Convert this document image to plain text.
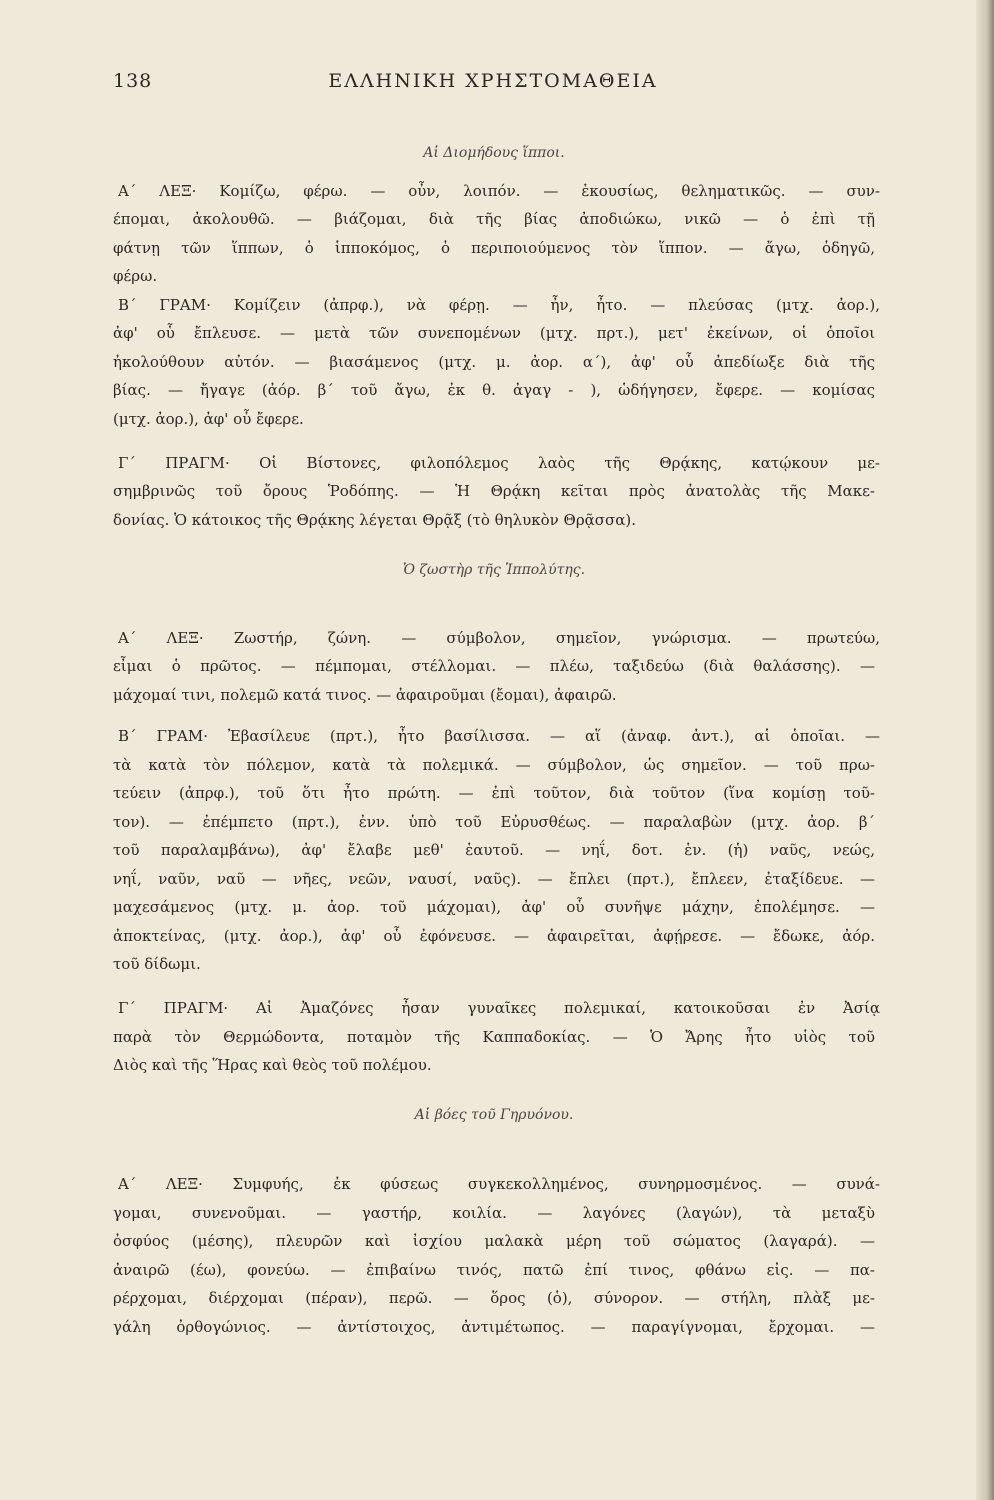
138	ΕΛΛΗΝΙΚΗ ΧΡΗΣΤΟΜΑΘΕΙΑ
Αἱ Διομήδους ἵπποι.
Α΄ ΛΕΞ· Κομίζω, φέρω. — οὖν, λοιπόν. — ἑκουσίως, θεληματικῶς. — συν-
έπομαι, ἀκολουθῶ. — βιάζομαι, διὰ τῆς βίας ἀποδιώκω, νικῶ — ὁ ἐπὶ τῇ
φάτνῃ τῶν ἵππων, ὁ ἱπποκόμος, ὁ περιποιούμενος τὸν ἵππον. — ἄγω, ὁδηγῶ,
φέρω.
Β΄ ΓΡΑΜ· Κομίζειν (ἀπρφ.), νὰ φέρῃ. — ἦν, ἦτο. — πλεύσας (μτχ. ἀορ.),
ἀφ' οὗ ἔπλευσε. — μετὰ τῶν συνεπομένων (μτχ. πρτ.), μετ' ἐκείνων, οἱ ὁποῖοι
ἠκολούθουν αὐτόν. — βιασάμενος (μτχ. μ. ἀορ. α΄), ἀφ' οὗ ἀπεδίωξε διὰ τῆς
βίας. — ἤγαγε (ἀόρ. β΄ τοῦ ἄγω, ἐκ θ. ἀγαγ - ), ὡδήγησεν, ἔφερε. — κομίσας
(μτχ. ἀορ.), ἀφ' οὗ ἔφερε.
Γ΄ ΠΡΑΓΜ· Οἱ Βίστονες, φιλοπόλεμος λαὸς τῆς Θρᾴκης, κατῴκουν με-
σημβρινῶς τοῦ ὄρους Ῥοδόπης. — Ἡ Θρᾴκη κεῖται πρὸς ἀνατολὰς τῆς Μακε-
δονίας. Ὁ κάτοικος τῆς Θρᾴκης λέγεται Θρᾷξ (τὸ θηλυκὸν Θρᾷσσα).
Ὁ ζωστὴρ τῆς Ἱππολύτης.
Α΄ ΛΕΞ· Ζωστήρ, ζώνη. — σύμβολον, σημεῖον, γνώρισμα. — πρωτεύω,
εἶμαι ὁ πρῶτος. — πέμπομαι, στέλλομαι. — πλέω, ταξιδεύω (διὰ θαλάσσης). —
μάχομαί τινι, πολεμῶ κατά τινος. — ἀφαιροῦμαι (ἔομαι), ἀφαιρῶ.
Β΄ ΓΡΑΜ· Ἐβασίλευε (πρτ.), ἦτο βασίλισσα. — αἵ (ἀναφ. ἀντ.), αἱ ὁποῖαι. —
τὰ κατὰ τὸν πόλεμον, κατὰ τὰ πολεμικά. — σύμβολον, ὡς σημεῖον. — τοῦ πρω-
τεύειν (ἀπρφ.), τοῦ ὅτι ἦτο πρώτη. — ἐπὶ τοῦτον, διὰ τοῦτον (ἵνα κομίσῃ τοῦ-
τον). — ἐπέμπετο (πρτ.), ἐνν. ὑπὸ τοῦ Εὐρυσθέως. — παραλαβὼν (μτχ. ἀορ. β΄
τοῦ παραλαμβάνω), ἀφ' ἔλαβε μεθ' ἑαυτοῦ. — νηΐ, δοτ. ἑν. (ἡ) ναῦς, νεώς,
νηΐ, ναῦν, ναῦ — νῆες, νεῶν, ναυσί, ναῦς). — ἔπλει (πρτ.), ἔπλεεν, ἐταξίδευε. —
μαχεσάμενος (μτχ. μ. ἀορ. τοῦ μάχομαι), ἀφ' οὗ συνῆψε μάχην, ἐπολέμησε. —
ἀποκτείνας, (μτχ. ἀορ.), ἀφ' οὗ ἐφόνευσε. — ἀφαιρεῖται, ἀφῄρεσε. — ἔδωκε, ἀόρ.
τοῦ δίδωμι.
Γ΄ ΠΡΑΓΜ· Αἱ Ἀμαζόνες ἦσαν γυναῖκες πολεμικαί, κατοικοῦσαι ἐν Ἀσίᾳ
παρὰ τὸν Θερμώδοντα, ποταμὸν τῆς Καππαδοκίας. — Ὁ Ἄρης ἦτο υἱὸς τοῦ
Διὸς καὶ τῆς Ἥρας καὶ θεὸς τοῦ πολέμου.
Αἱ βόες τοῦ Γηρυόνου.
Α΄ ΛΕΞ· Συμφυής, ἐκ φύσεως συγκεκολλημένος, συνηρμοσμένος. — συνά-
γομαι, συνενοῦμαι. — γαστήρ, κοιλία. — λαγόνες (λαγών), τὰ μεταξὺ
ὀσφύος (μέσης), πλευρῶν καὶ ἰσχίου μαλακὰ μέρη τοῦ σώματος (λαγαρά). —
ἀναιρῶ (έω), φονεύω. — ἐπιβαίνω τινός, πατῶ ἐπί τινος, φθάνω εἰς. — πα-
ρέρχομαι, διέρχομαι (πέραν), περῶ. — ὅρος (ὁ), σύνορον. — στήλη, πλὰξ με-
γάλη ὀρθογώνιος. — ἀντίστοιχος, ἀντιμέτωπος. — παραγίγνομαι, ἔρχομαι. —
